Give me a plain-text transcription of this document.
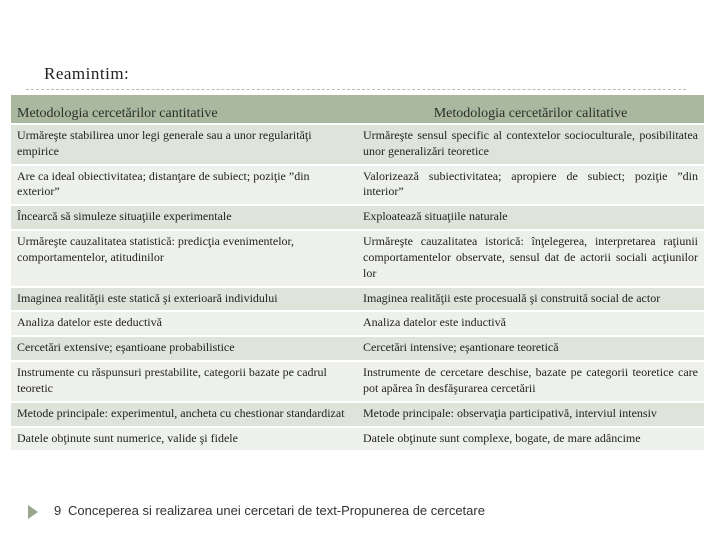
Reamintim:
Metodologia cercetărilor cantitative	Metodologia cercetărilor calitative
Urmăreşte stabilirea unor legi generale sau a unor regularităţi empirice	Urmăreşte sensul specific al contextelor socioculturale, posibilitatea unor generalizări teoretice
Are ca ideal obiectivitatea; distanţare de subiect; poziţie ”din exterior”	Valorizează subiectivitatea; apropiere de subiect; poziţie ”din interior”
Încearcă să simuleze situaţiile experimentale	Exploatează situaţiile naturale
Urmăreşte cauzalitatea statistică: predicţia evenimentelor, comportamentelor, atitudinilor	Urmăreşte cauzalitatea istorică: înţelegerea, interpretarea raţiunii comportamentelor observate, sensul dat de actorii sociali acţiunilor lor
Imaginea realităţii este statică şi exterioară individului	Imaginea realităţii este procesuală şi construită social de actor
Analiza datelor este deductivă	Analiza datelor este inductivă
Cercetări extensive; eşantioane probabilistice	Cercetări intensive; eşantionare teoretică
Instrumente cu răspunsuri prestabilite, categorii bazate pe cadrul teoretic	Instrumente de cercetare deschise, bazate pe categorii teoretice care pot apărea în desfăşurarea cercetării
Metode principale: experimentul, ancheta cu chestionar standardizat	Metode principale: observaţia participativă, interviul intensiv
Datele obţinute sunt numerice, valide şi fidele	Datele obţinute sunt complexe, bogate, de mare adâncime
9 Conceperea si realizarea unei cercetari de text-Propunerea de cercetare
